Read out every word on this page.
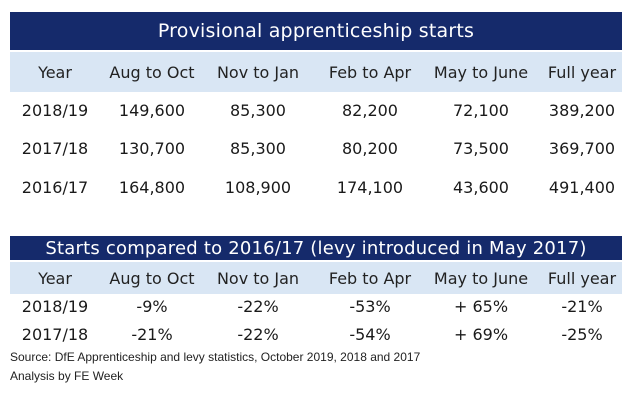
Provisional apprenticeship starts
Year	Aug to Oct	Nov to Jan	Feb to Apr	May to June	Full year
2018/19	149,600	85,300	82,200	72,100	389,200
2017/18	130,700	85,300	80,200	73,500	369,700
2016/17	164,800	108,900	174,100	43,600	491,400
Starts compared to 2016/17 (levy introduced in May 2017)
Year	Aug to Oct	Nov to Jan	Feb to Apr	May to June	Full year
2018/19	-9%	-22%	-53%	+ 65%	-21%
2017/18	-21%	-22%	-54%	+ 69%	-25%
Source: DfE Apprenticeship and levy statistics, October 2019, 2018 and 2017
Analysis by FE Week
